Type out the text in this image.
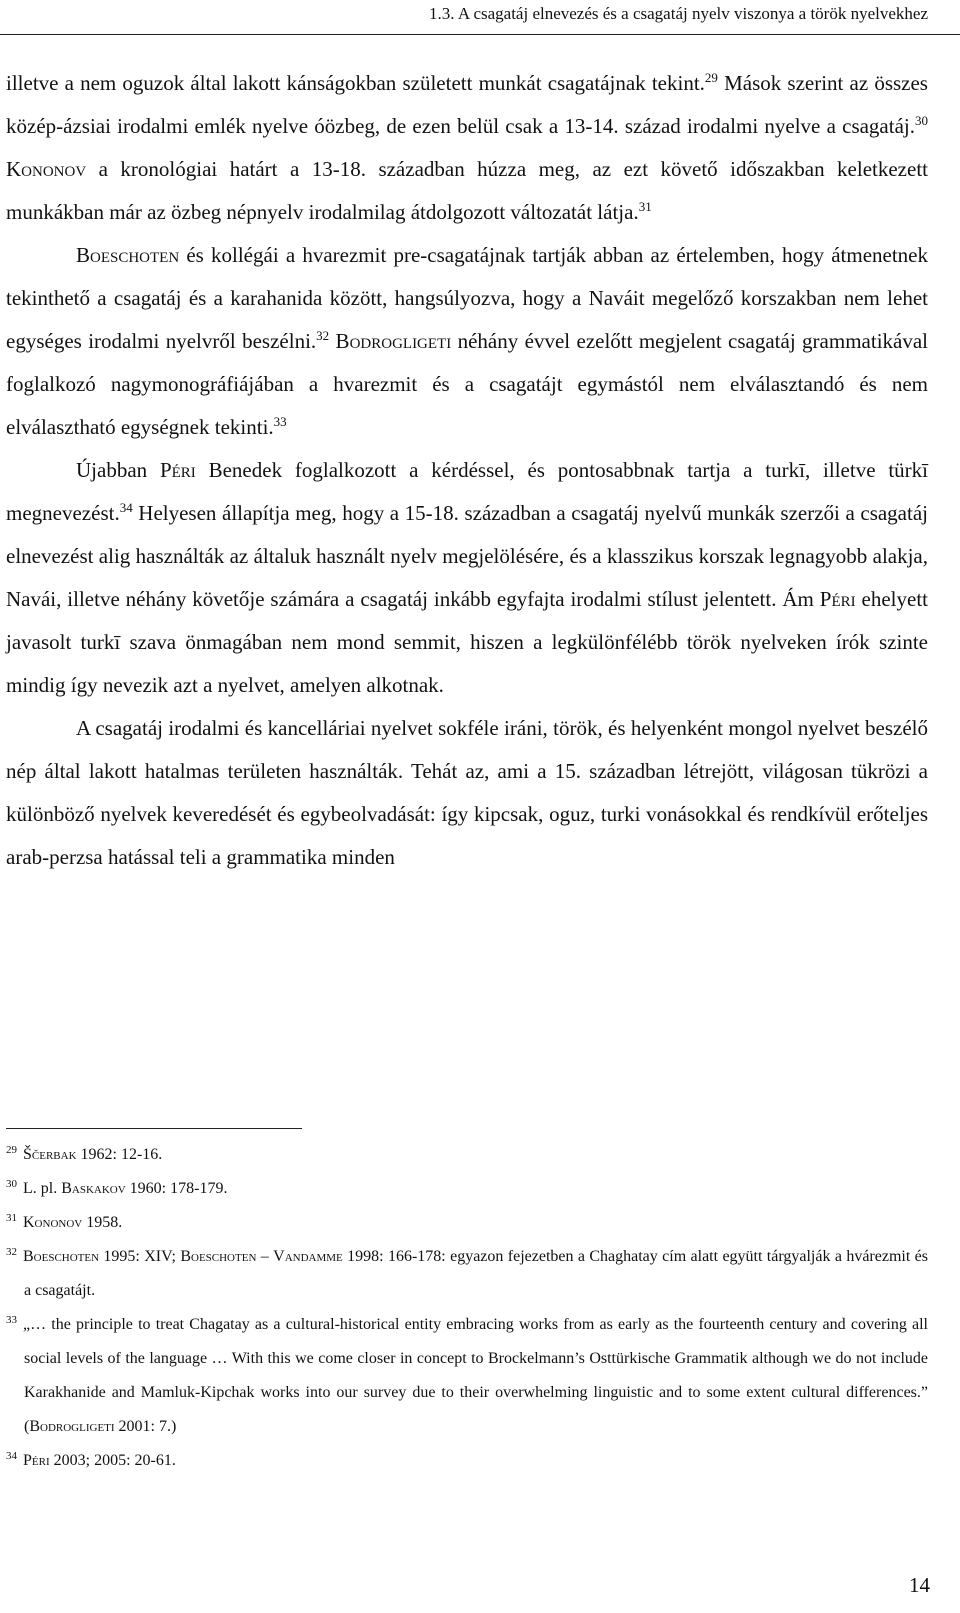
1.3. A csagatáj elnevezés és a csagatáj nyelv viszonya a török nyelvekhez

illetve a nem oguzok által lakott kánságokban született munkát csagatájnak tekint.$^{29}$ Mások szerint az összes közép-ázsiai irodalmi emlék nyelve óözbeg, de ezen belül csak a 13-14. század irodalmi nyelve a csagatáj.$^{30}$ Kononov a kronológiai határt a 13-18. században húzza meg, az ezt követő időszakban keletkezett munkákban már az özbeg népnyelv irodalmilag átdolgozott változatát látja.$^{31}$

Boeschoten és kollégái a hvarezmit pre-csagatájnak tartják abban az értelemben, hogy átmenetnek tekinthető a csagatáj és a karahanida között, hangsúlyozva, hogy a Naváit megelőző korszakban nem lehet egységes irodalmi nyelvről beszélni.$^{32}$ Bodrogligeti néhány évvel ezelőtt megjelent csagatáj grammatikával foglalkozó nagymonográfiájában a hvarezmit és a csagatájt egymástól nem elválasztandó és nem elválasztható egységnek tekinti.$^{33}$

Újabban Péri Benedek foglalkozott a kérdéssel, és pontosabbnak tartja a turkī, illetve türkī megnevezést.$^{34}$ Helyesen állapítja meg, hogy a 15-18. században a csagatáj nyelvű munkák szerzői a csagatáj elnevezést alig használták az általuk használt nyelv megjelölésére, és a klasszikus korszak legnagyobb alakja, Navái, illetve néhány követője számára a csagatáj inkább egyfajta irodalmi stílust jelentett. Ám Péri ehelyett javasolt turkī szava önmagában nem mond semmit, hiszen a legkülönfélébb török nyelveken írók szinte mindig így nevezik azt a nyelvet, amelyen alkotnak.

A csagatáj irodalmi és kancelláriai nyelvet sokféle iráni, török, és helyenként mongol nyelvet beszélő nép által lakott hatalmas területen használták. Tehát az, ami a 15. században létrejött, világosan tükrözi a különböző nyelvek keveredését és egybeolvadását: így kipcsak, oguz, turki vonásokkal és rendkívül erőteljes arab-perzsa hatással teli a grammatika minden

$^{29}$ Ščerbak 1962: 12-16.

$^{30}$ L. pl. Baskakov 1960: 178-179.

$^{31}$ Kononov 1958.

$^{32}$ Boeschoten 1995: XIV; Boeschoten – Vandamme 1998: 166-178: egyazon fejezetben a Chaghatay cím alatt együtt tárgyalják a hvárezmit és a csagatájt.

$^{33}$ „… the principle to treat Chagatay as a cultural-historical entity embracing works from as early as the fourteenth century and covering all social levels of the language … With this we come closer in concept to Brockelmann’s Osttürkische Grammatik although we do not include Karakhanide and Mamluk-Kipchak works into our survey due to their overwhelming linguistic and to some extent cultural differences.” (Bodrogligeti 2001: 7.)

$^{34}$ Péri 2003; 2005: 20-61.

14
